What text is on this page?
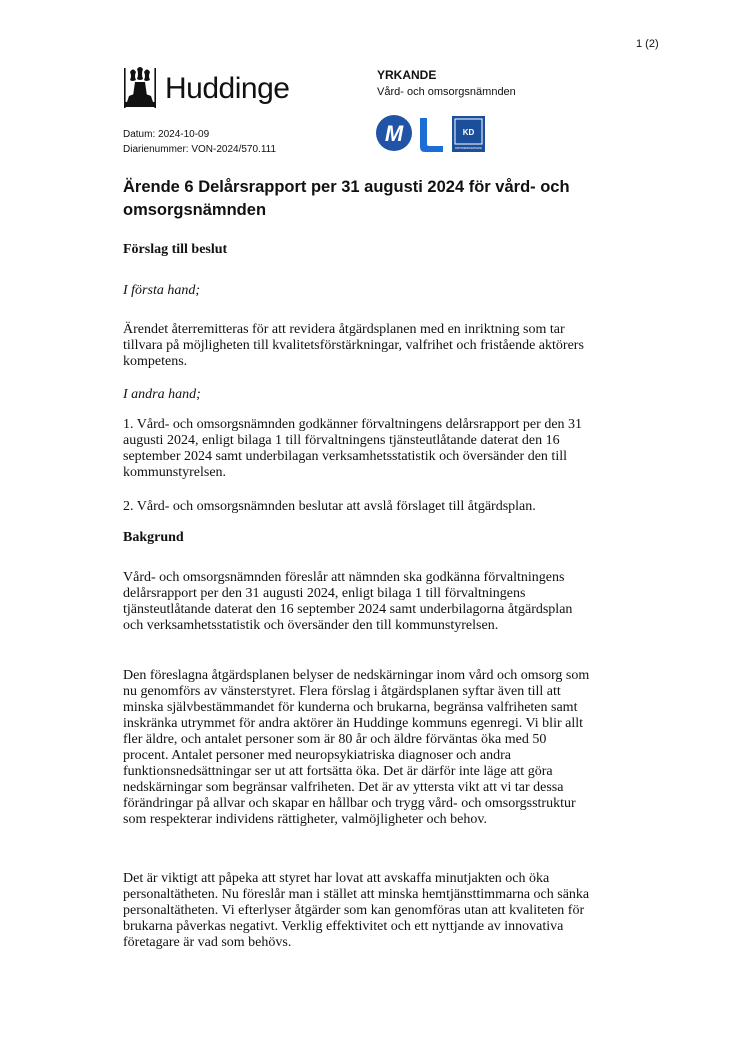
1 (2)
Huddinge	YRKANDE
Vård- och omsorgsnämnden
Datum: 2024-10-09
Diarienummer: VON-2024/570.111
M	L
KD
KRISTDEMOKRATERNA
Ärende 6 Delårsrapport per 31 augusti 2024 för vård- och omsorgsnämnden
Förslag till beslut
I första hand;
Ärendet återremitteras för att revidera åtgärdsplanen med en inriktning som tar tillvara på möjligheten till kvalitetsförstärkningar, valfrihet och fristående aktörers kompetens.
I andra hand;
1. Vård- och omsorgsnämnden godkänner förvaltningens delårsrapport per den 31 augusti 2024, enligt bilaga 1 till förvaltningens tjänsteutlåtande daterat den 16 september 2024 samt underbilagan verksamhetsstatistik och översänder den till kommunstyrelsen.
2. Vård- och omsorgsnämnden beslutar att avslå förslaget till åtgärdsplan.
Bakgrund
Vård- och omsorgsnämnden föreslår att nämnden ska godkänna förvaltningens delårsrapport per den 31 augusti 2024, enligt bilaga 1 till förvaltningens tjänsteutlåtande daterat den 16 september 2024 samt underbilagorna åtgärdsplan och verksamhetsstatistik och översänder den till kommunstyrelsen.
Den föreslagna åtgärdsplanen belyser de nedskärningar inom vård och omsorg som nu genomförs av vänsterstyret. Flera förslag i åtgärdsplanen syftar även till att minska självbestämmandet för kunderna och brukarna, begränsa valfriheten samt inskränka utrymmet för andra aktörer än Huddinge kommuns egenregi. Vi blir allt fler äldre, och antalet personer som är 80 år och äldre förväntas öka med 50 procent. Antalet personer med neuropsykiatriska diagnoser och andra funktionsnedsättningar ser ut att fortsätta öka. Det är därför inte läge att göra nedskärningar som begränsar valfriheten. Det är av yttersta vikt att vi tar dessa förändringar på allvar och skapar en hållbar och trygg vård- och omsorgsstruktur som respekterar individens rättigheter, valmöjligheter och behov.
Det är viktigt att påpeka att styret har lovat att avskaffa minutjakten och öka personaltätheten. Nu föreslår man i stället att minska hemtjänsttimmarna och sänka personaltätheten. Vi efterlyser åtgärder som kan genomföras utan att kvaliteten för brukarna påverkas negativt. Verklig effektivitet och ett nyttjande av innovativa företagare är vad som behövs.
